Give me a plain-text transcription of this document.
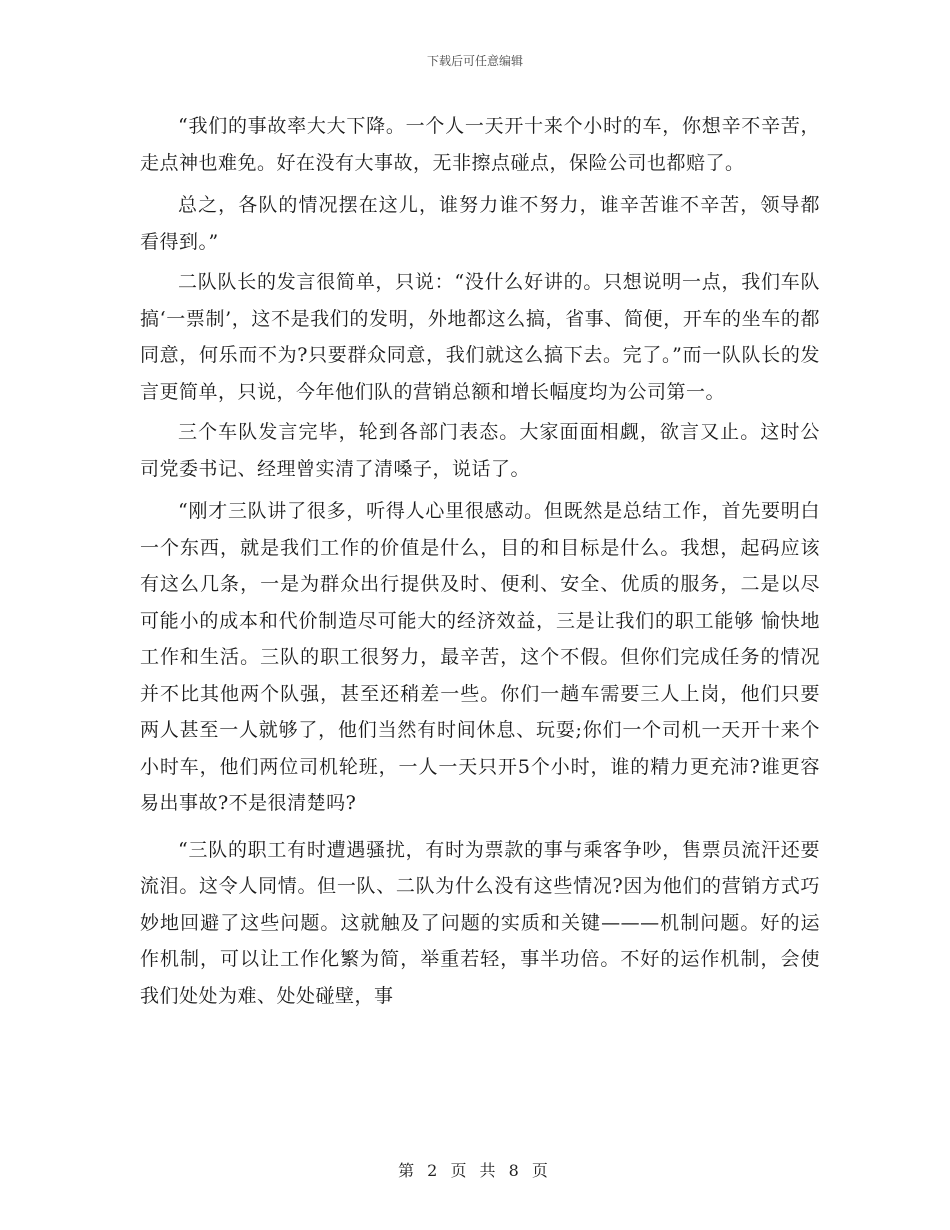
下载后可任意编辑

“我们的事故率大大下降。一个人一天开十来个小时的车，你想辛不辛苦，走点神也难免。好在没有大事故，无非擦点碰点，保险公司也都赔了。

总之，各队的情况摆在这儿，谁努力谁不努力，谁辛苦谁不辛苦，领导都看得到。”

二队队长的发言很简单，只说：“没什么好讲的。只想说明一点，我们车队搞‘一票制’，这不是我们的发明，外地都这么搞，省事、简便，开车的坐车的都同意，何乐而不为?只要群众同意，我们就这么搞下去。完了。”而一队队长的发言更简单，只说，今年他们队的营销总额和增长幅度均为公司第一。

三个车队发言完毕，轮到各部门表态。大家面面相觑，欲言又止。这时公司党委书记、经理曾实清了清嗓子，说话了。

“刚才三队讲了很多，听得人心里很感动。但既然是总结工作，首先要明白一个东西，就是我们工作的价值是什么，目的和目标是什么。我想，起码应该有这么几条，一是为群众出行提供及时、便利、安全、优质的服务，二是以尽可能小的成本和代价制造尽可能大的经济效益，三是让我们的职工能够 愉快地工作和生活。三队的职工很努力，最辛苦，这个不假。但你们完成任务的情况并不比其他两个队强，甚至还稍差一些。你们一趟车需要三人上岗，他们只要两人甚至一人就够了，他们当然有时间休息、玩耍;你们一个司机一天开十来个小时车，他们两位司机轮班，一人一天只开5个小时，谁的精力更充沛?谁更容易出事故?不是很清楚吗?

“三队的职工有时遭遇骚扰，有时为票款的事与乘客争吵，售票员流汗还要流泪。这令人同情。但一队、二队为什么没有这些情况?因为他们的营销方式巧妙地回避了这些问题。这就触及了问题的实质和关键———机制问题。好的运作机制，可以让工作化繁为简，举重若轻，事半功倍。不好的运作机制，会使我们处处为难、处处碰壁，事

第 2 页 共 8 页
